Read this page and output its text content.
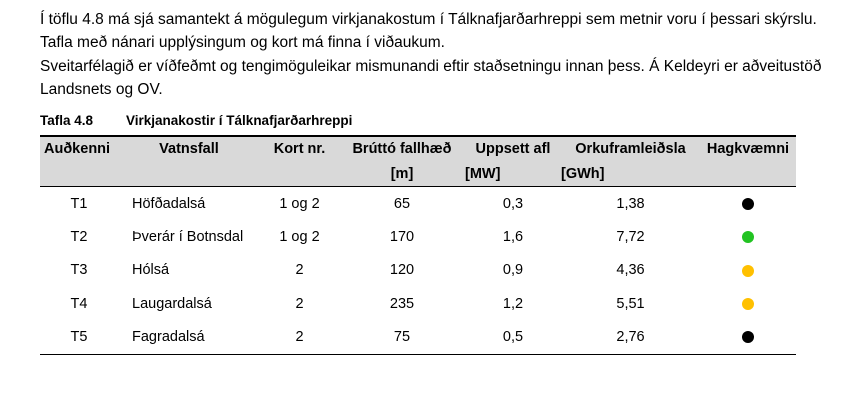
Í töflu 4.8 má sjá samantekt á mögulegum virkjanakostum í Tálknafjarðarhreppi sem metnir voru í þessari skýrslu. Tafla með nánari upplýsingum og kort má finna í viðaukum.

Sveitarfélagið er víðfeðmt og tengimöguleikar mismunandi eftir staðsetningu innan þess. Á Keldeyri er aðveitustöð Landsnets og OV.

Tafla 4.8 Virkjanakostir í Tálknafjarðarhreppi
Auðkenni	Vatnsfall	Kort nr.	Brúttó fallhæð	Uppsett afl	Orkuframleiðsla	Hagkvæmni
			[m]	[MW]	[GWh]	
T1	Höfðadalsá	1 og 2	65	0,3	1,38	
T2	Þverár í Botnsdal	1 og 2	170	1,6	7,72	
T3	Hólsá	2	120	0,9	4,36	
T4	Laugardalsá	2	235	1,2	5,51	
T5	Fagradalsá	2	75	0,5	2,76	
